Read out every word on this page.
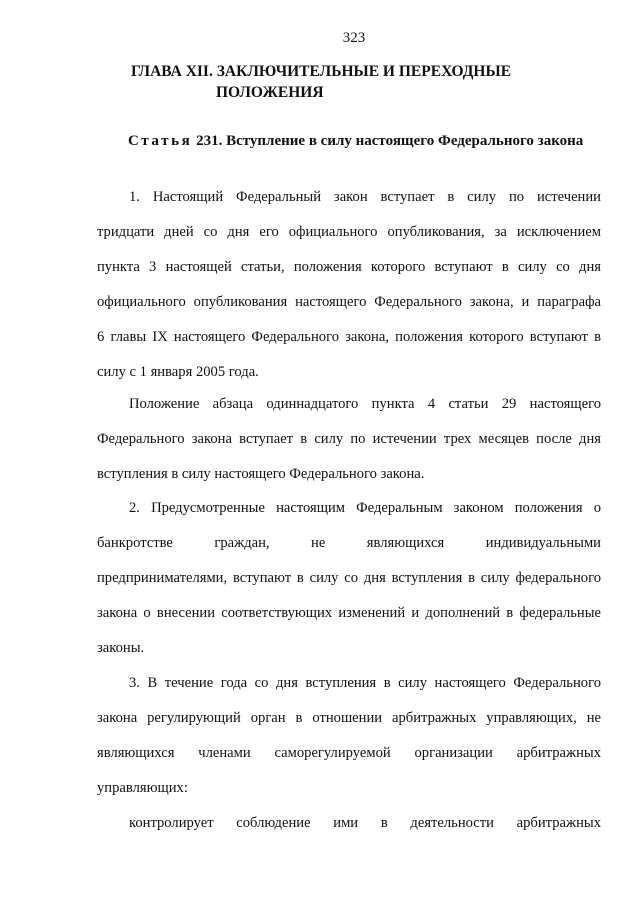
323

ГЛАВА XII. ЗАКЛЮЧИТЕЛЬНЫЕ И ПЕРЕХОДНЫЕ
ПОЛОЖЕНИЯ
Статья 231. Вступление в силу настоящего Федерального закона
1. Настоящий Федеральный закон вступает в силу по истечении
тридцати дней со дня его официального опубликования, за исключением
пункта 3 настоящей статьи, положения которого вступают в силу со дня
официального опубликования настоящего Федерального закона, и параграфа
6 главы IX настоящего Федерального закона, положения которого вступают в
силу с 1 января 2005 года.
Положение абзаца одиннадцатого пункта 4 статьи 29 настоящего
Федерального закона вступает в силу по истечении трех месяцев после дня
вступления в силу настоящего Федерального закона.
2. Предусмотренные настоящим Федеральным законом положения о
банкротстве граждан, не являющихся индивидуальными
предпринимателями, вступают в силу со дня вступления в силу федерального
закона о внесении соответствующих изменений и дополнений в федеральные
законы.
3. В течение года со дня вступления в силу настоящего Федерального
закона регулирующий орган в отношении арбитражных управляющих, не
являющихся членами саморегулируемой организации арбитражных
управляющих:
контролирует соблюдение ими в деятельности арбитражных
